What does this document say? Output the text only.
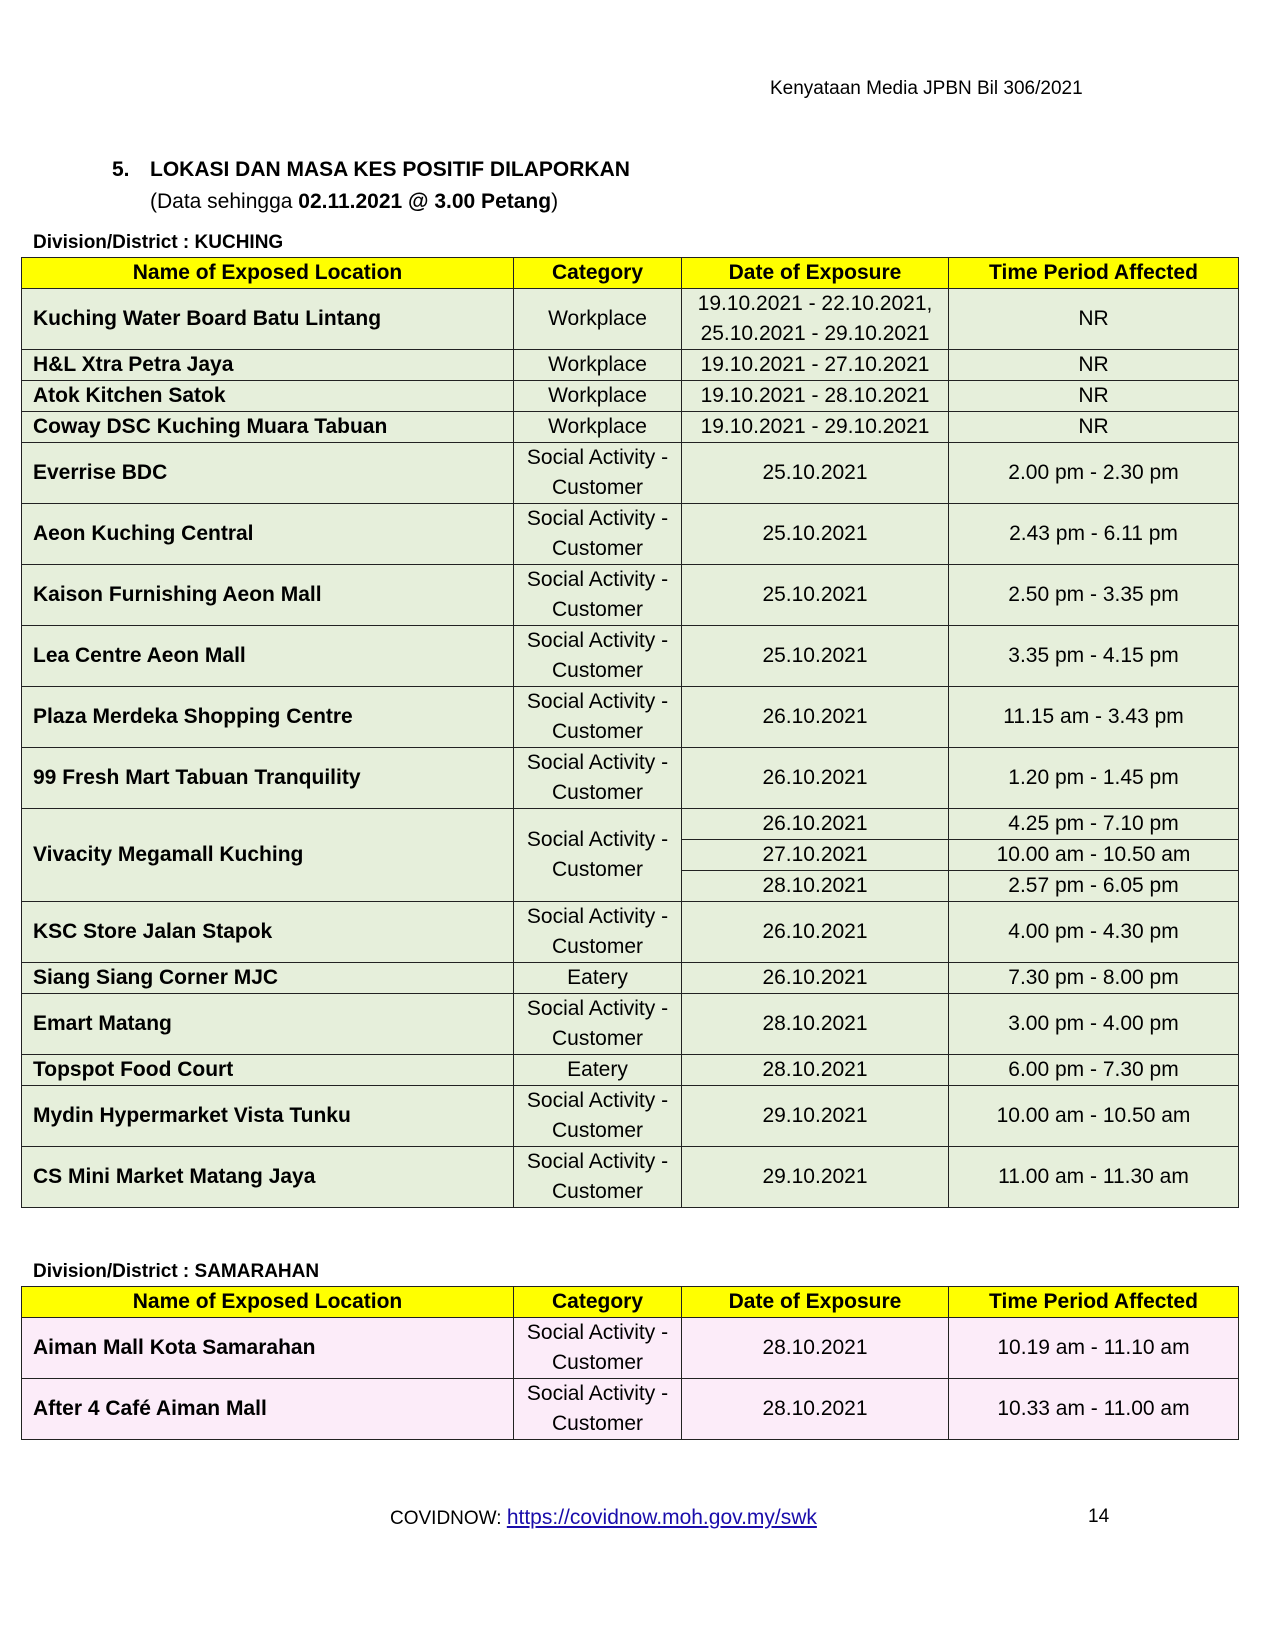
Kenyataan Media JPBN Bil 306/2021
5. LOKASI DAN MASA KES POSITIF DILAPORKAN
(Data sehingga 02.11.2021 @ 3.00 Petang)
Division/District : KUCHING
Name of Exposed Location	Category	Date of Exposure	Time Period Affected
Kuching Water Board Batu Lintang	Workplace	19.10.2021 - 22.10.2021,
25.10.2021 - 29.10.2021	NR
H&L Xtra Petra Jaya	Workplace	19.10.2021 - 27.10.2021	NR
Atok Kitchen Satok	Workplace	19.10.2021 - 28.10.2021	NR
Coway DSC Kuching Muara Tabuan	Workplace	19.10.2021 - 29.10.2021	NR
Everrise BDC	Social Activity -
Customer	25.10.2021	2.00 pm - 2.30 pm
Aeon Kuching Central	Social Activity -
Customer	25.10.2021	2.43 pm - 6.11 pm
Kaison Furnishing Aeon Mall	Social Activity -
Customer	25.10.2021	2.50 pm - 3.35 pm
Lea Centre Aeon Mall	Social Activity -
Customer	25.10.2021	3.35 pm - 4.15 pm
Plaza Merdeka Shopping Centre	Social Activity -
Customer	26.10.2021	11.15 am - 3.43 pm
99 Fresh Mart Tabuan Tranquility	Social Activity -
Customer	26.10.2021	1.20 pm - 1.45 pm
Vivacity Megamall Kuching	Social Activity -
Customer	26.10.2021	4.25 pm - 7.10 pm
		27.10.2021	10.00 am - 10.50 am
		28.10.2021	2.57 pm - 6.05 pm
KSC Store Jalan Stapok	Social Activity -
Customer	26.10.2021	4.00 pm - 4.30 pm
Siang Siang Corner MJC	Eatery	26.10.2021	7.30 pm - 8.00 pm
Emart Matang	Social Activity -
Customer	28.10.2021	3.00 pm - 4.00 pm
Topspot Food Court	Eatery	28.10.2021	6.00 pm - 7.30 pm
Mydin Hypermarket Vista Tunku	Social Activity -
Customer	29.10.2021	10.00 am - 10.50 am
CS Mini Market Matang Jaya	Social Activity -
Customer	29.10.2021	11.00 am - 11.30 am
Division/District : SAMARAHAN
Name of Exposed Location	Category	Date of Exposure	Time Period Affected
Aiman Mall Kota Samarahan	Social Activity -
Customer	28.10.2021	10.19 am - 11.10 am
After 4 Café Aiman Mall	Social Activity -
Customer	28.10.2021	10.33 am - 11.00 am
COVIDNOW: https://covidnow.moh.gov.my/swk	14
